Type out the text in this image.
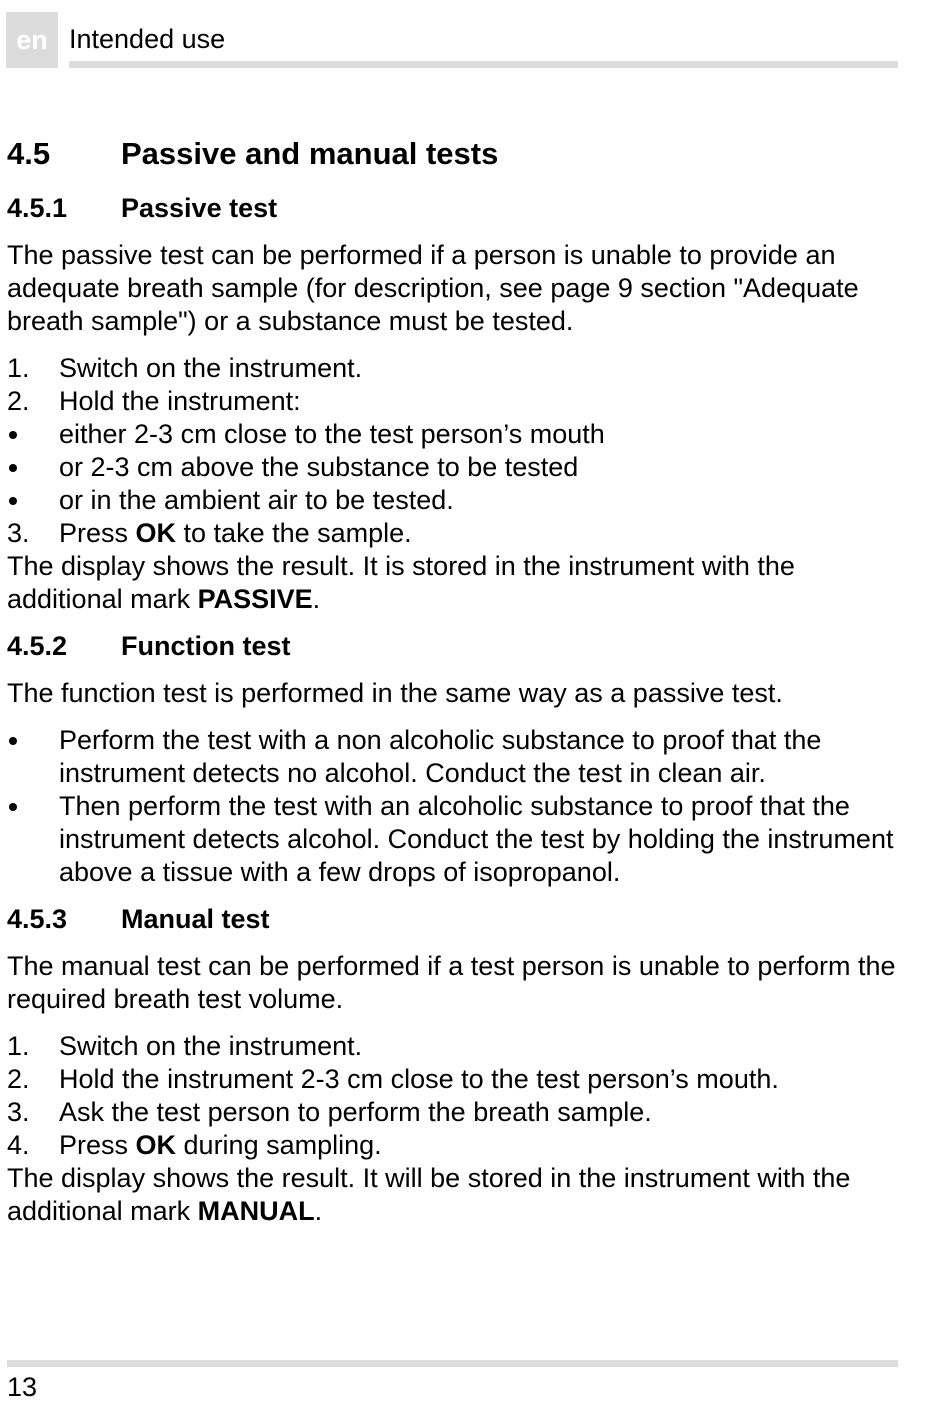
en Intended use
4.5	Passive and manual tests
4.5.1	Passive test

The passive test can be performed if a person is unable to provide an adequate breath sample (for description, see page 9 section "Adequate breath sample") or a substance must be tested.

1.	Switch on the instrument.
2.	Hold the instrument:
either 2-3 cm close to the test person’s mouth
or 2-3 cm above the substance to be tested
or in the ambient air to be tested.
3.	Press OK to take the sample.

The display shows the result. It is stored in the instrument with the additional mark PASSIVE.

4.5.2	Function test

The function test is performed in the same way as a passive test.

Perform the test with a non alcoholic substance to proof that the instrument detects no alcohol. Conduct the test in clean air.
Then perform the test with an alcoholic substance to proof that the instrument detects alcohol. Conduct the test by holding the instrument above a tissue with a few drops of isopropanol.
4.5.3	Manual test

The manual test can be performed if a test person is unable to perform the required breath test volume.

1.	Switch on the instrument.
2.	Hold the instrument 2-3 cm close to the test person’s mouth.
3.	Ask the test person to perform the breath sample.
4.	Press OK during sampling.

The display shows the result. It will be stored in the instrument with the additional mark MANUAL.

13
